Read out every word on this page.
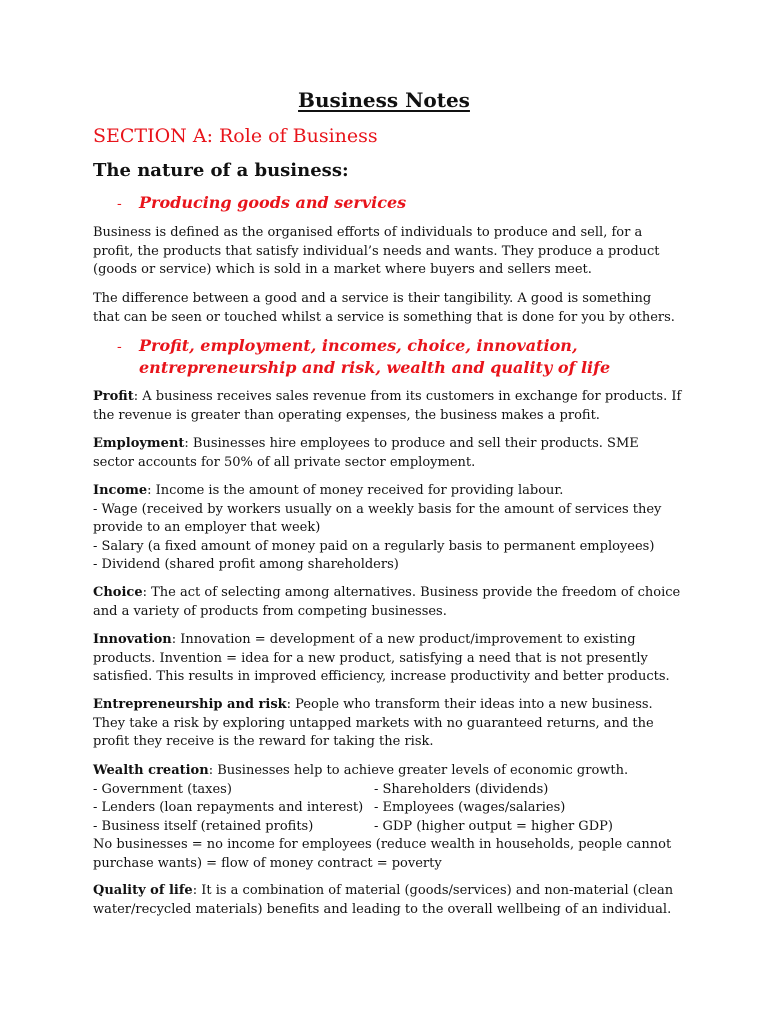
Business Notes
SECTION A: Role of Business
The nature of a business:
- Producing goods and services
Business is defined as the organised efforts of individuals to produce and sell, for a
profit, the products that satisfy individual’s needs and wants. They produce a product
(goods or service) which is sold in a market where buyers and sellers meet.
The difference between a good and a service is their tangibility. A good is something
that can be seen or touched whilst a service is something that is done for you by others.
- Profit, employment, incomes, choice, innovation,
entrepreneurship and risk, wealth and quality of life
Profit: A business receives sales revenue from its customers in exchange for products. If
the revenue is greater than operating expenses, the business makes a profit.
Employment: Businesses hire employees to produce and sell their products. SME
sector accounts for 50% of all private sector employment.
Income: Income is the amount of money received for providing labour.
- Wage (received by workers usually on a weekly basis for the amount of services they
provide to an employer that week)
- Salary (a fixed amount of money paid on a regularly basis to permanent employees)
- Dividend (shared profit among shareholders)
Choice: The act of selecting among alternatives. Business provide the freedom of choice
and a variety of products from competing businesses.
Innovation: Innovation = development of a new product/improvement to existing
products. Invention = idea for a new product, satisfying a need that is not presently
satisfied. This results in improved efficiency, increase productivity and better products.
Entrepreneurship and risk: People who transform their ideas into a new business.
They take a risk by exploring untapped markets with no guaranteed returns, and the
profit they receive is the reward for taking the risk.
Wealth creation: Businesses help to achieve greater levels of economic growth.
- Government (taxes)	- Shareholders (dividends)
- Lenders (loan repayments and interest) - Employees (wages/salaries)
- Business itself (retained profits)	- GDP (higher output = higher GDP)
No businesses = no income for employees (reduce wealth in households, people cannot
purchase wants) = flow of money contract = poverty
Quality of life: It is a combination of material (goods/services) and non-material (clean
water/recycled materials) benefits and leading to the overall wellbeing of an individual.
